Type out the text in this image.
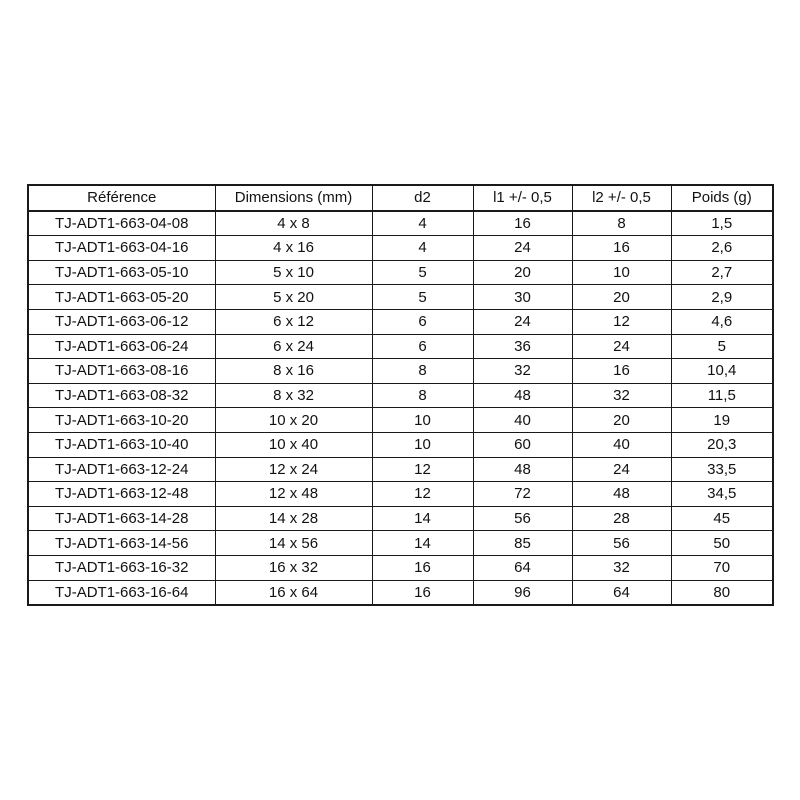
Référence	Dimensions (mm)	d2	l1 +/- 0,5	l2 +/- 0,5	Poids (g)
TJ-ADT1-663-04-08	4 x 8	4	16	8	1,5
TJ-ADT1-663-04-16	4 x 16	4	24	16	2,6
TJ-ADT1-663-05-10	5 x 10	5	20	10	2,7
TJ-ADT1-663-05-20	5 x 20	5	30	20	2,9
TJ-ADT1-663-06-12	6 x 12	6	24	12	4,6
TJ-ADT1-663-06-24	6 x 24	6	36	24	5
TJ-ADT1-663-08-16	8 x 16	8	32	16	10,4
TJ-ADT1-663-08-32	8 x 32	8	48	32	11,5
TJ-ADT1-663-10-20	10 x 20	10	40	20	19
TJ-ADT1-663-10-40	10 x 40	10	60	40	20,3
TJ-ADT1-663-12-24	12 x 24	12	48	24	33,5
TJ-ADT1-663-12-48	12 x 48	12	72	48	34,5
TJ-ADT1-663-14-28	14 x 28	14	56	28	45
TJ-ADT1-663-14-56	14 x 56	14	85	56	50
TJ-ADT1-663-16-32	16 x 32	16	64	32	70
TJ-ADT1-663-16-64	16 x 64	16	96	64	80
